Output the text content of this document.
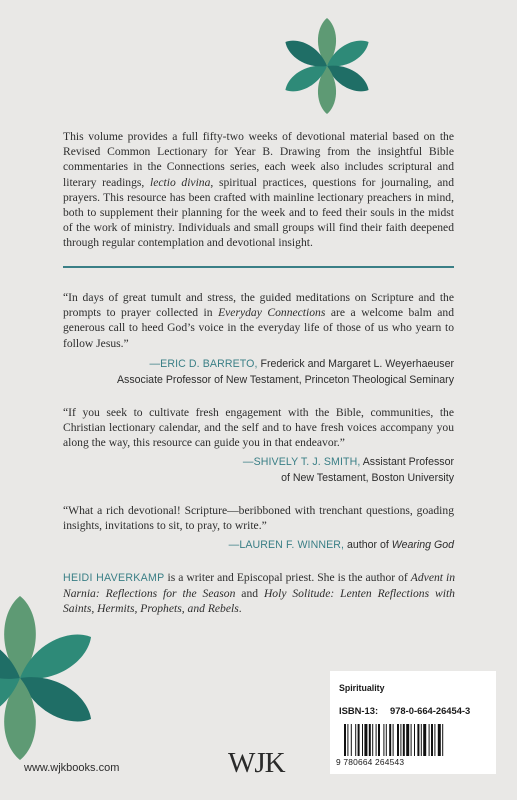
This volume provides a full fifty-two weeks of devotional material based on the Revised Common Lectionary for Year B. Drawing from the insightful Bible commentaries in the Connections series, each week also includes scriptural and literary readings, lectio divina, spiritual practices, questions for journaling, and prayers. This resource has been crafted with mainline lectionary preachers in mind, both to supplement their planning for the week and to feed their souls in the midst of the work of ministry. Individuals and small groups will find their faith deepened through regular contemplation and devotional insight.
“In days of great tumult and stress, the guided meditations on Scripture and the prompts to prayer collected in Everyday Connections are a welcome balm and generous call to heed God’s voice in the everyday life of those of us who yearn to follow Jesus.”
— ERIC D. BARRETO, Frederick and Margaret L. Weyerhaeuser
Associate Professor of New Testament, Princeton Theological Seminary
“If you seek to cultivate fresh engagement with the Bible, communities, the Christian lectionary calendar, and the self and to have fresh voices accompany you along the way, this resource can guide you in that endeavor.”
— SHIVELY T. J. SMITH, Assistant Professor
of New Testament, Boston University
“What a rich devotional! Scripture—beribboned with trenchant questions, goading insights, invitations to sit, to pray, to write.”
— LAUREN F. WINNER, author of Wearing God
HEIDI HAVERKAMP is a writer and Episcopal priest. She is the author of Advent in Narnia: Reflections for the Season and Holy Solitude: Lenten Reflections with Saints, Hermits, Prophets, and Rebels.
www.wjkbooks.com	WJK
Spirituality
ISBN-13: 978-0-664-26454-3
9 780664 264543
